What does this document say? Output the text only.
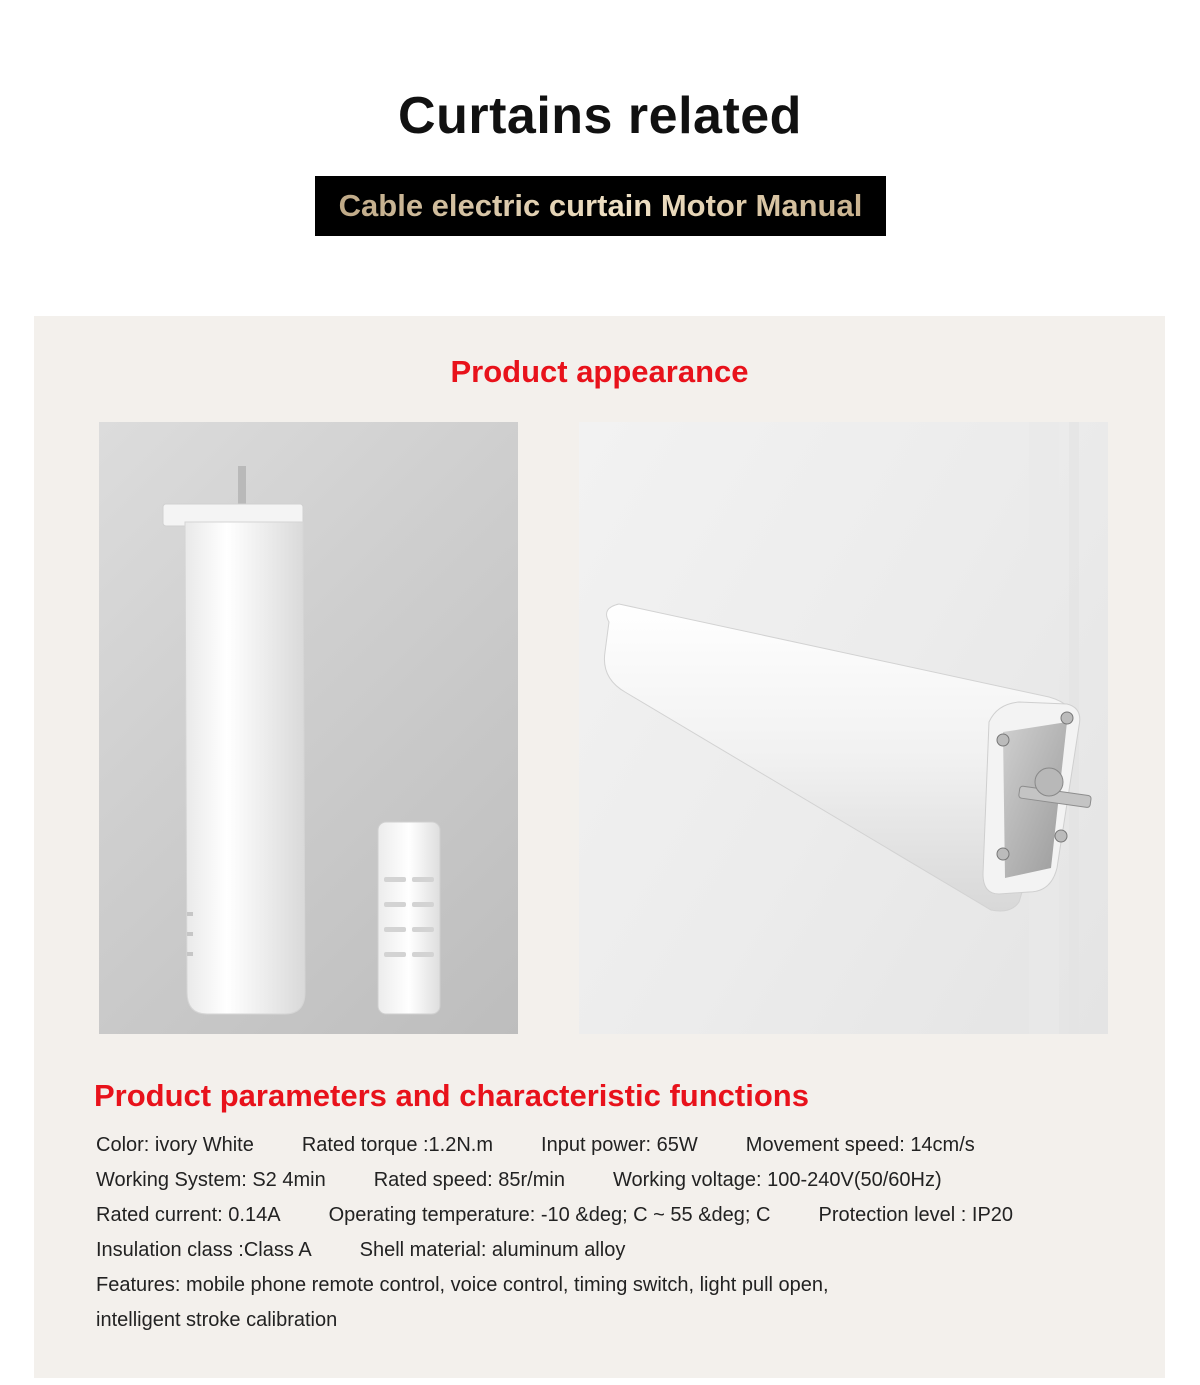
Curtains related
Cable electric curtain Motor Manual
Product appearance
Product parameters and characteristic functions
Color: ivory White Rated torque :1.2N.m Input power: 65W Movement speed: 14cm/s
Working System: S2 4min Rated speed: 85r/min Working voltage: 100-240V(50/60Hz)
Rated current: 0.14A Operating temperature: -10 &deg; C ~ 55 &deg; C Protection level : IP20
Insulation class :Class A Shell material: aluminum alloy
Features: mobile phone remote control, voice control, timing switch, light pull open,
intelligent stroke calibration
